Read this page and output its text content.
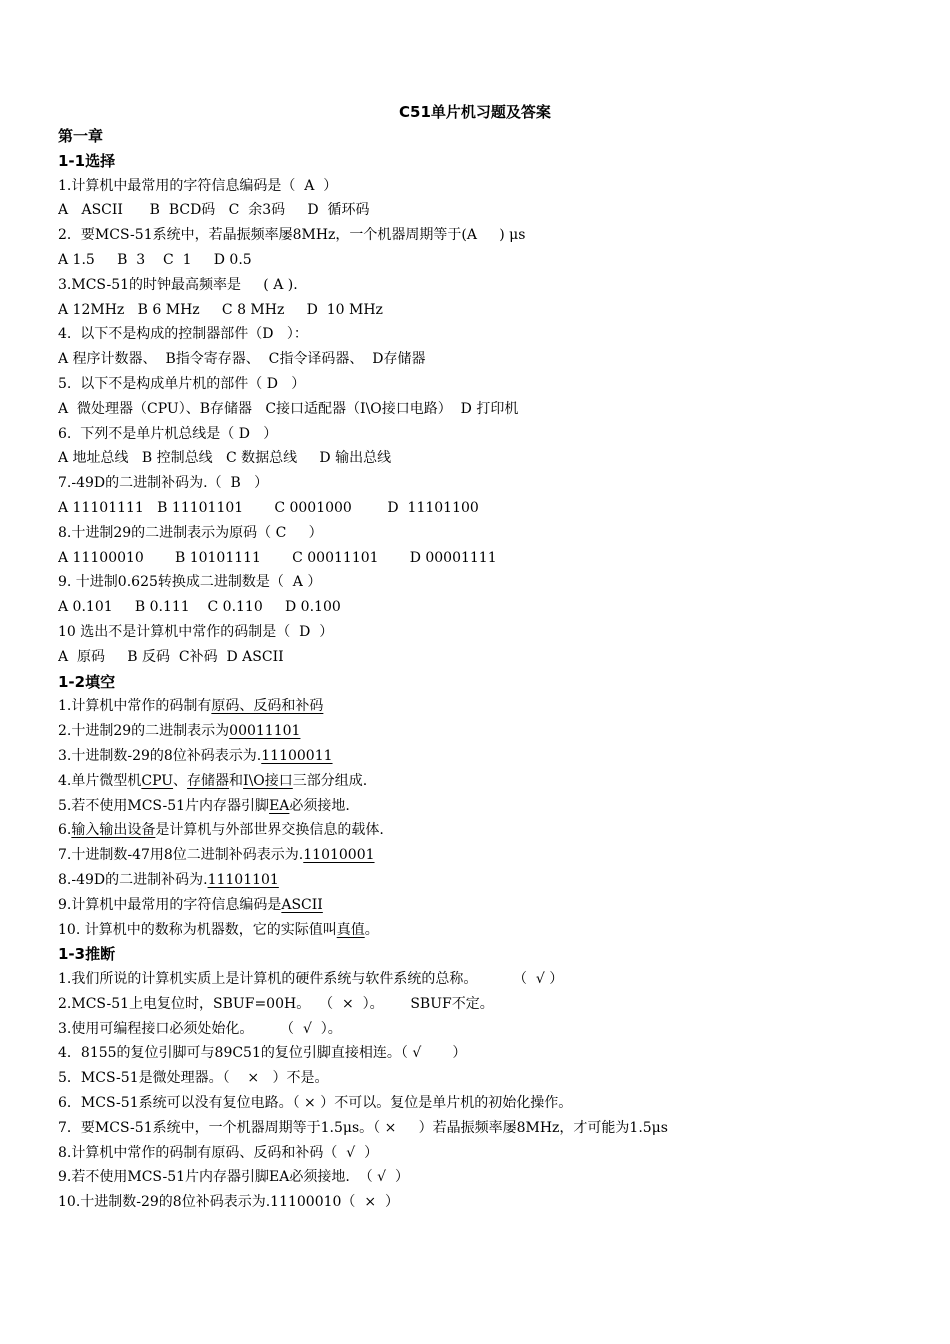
C51单片机习题及答案
第一章
1-1选择
1.计算机中最常用的字符信息编码是（  A  ）
A   ASCII      B  BCD码   C  余3码     D  循环码
2．要MCS-51系统中，若晶振频率屡8MHz，一个机器周期等于(A     ) μs
A 1.5     B  3    C  1     D 0.5
3.MCS-51的时钟最高频率是     ( A ).
A 12MHz   B 6 MHz     C 8 MHz     D  10 MHz
4.  以下不是构成的控制器部件（D   ）：
A 程序计数器、  B指令寄存器、  C指令译码器、  D存储器
5.  以下不是构成单片机的部件（ D   ）
A  微处理器（CPU）、B存储器   C接口适配器（I\O接口电路）  D 打印机
6.  下列不是单片机总线是（ D   ）
A 地址总线   B 控制总线   C 数据总线     D 输出总线
7.-49D的二进制补码为.（  B   ）
A 11101111   B 11101101       C 0001000        D  11101100
8.十进制29的二进制表示为原码（ C     ）
A 11100010       B 10101111       C 00011101       D 00001111
9. 十进制0.625转换成二进制数是（  A ）
A 0.101     B 0.111    C 0.110     D 0.100
10 选出不是计算机中常作的码制是（  D  ）
A  原码     B 反码  C补码  D ASCII
1-2填空
1.计算机中常作的码制有原码、反码和补码
2.十进制29的二进制表示为00011101
3.十进制数-29的8位补码表示为.11100011
4.单片微型机CPU、存储器和I\O接口三部分组成.
5.若不使用MCS-51片内存器引脚EA必须接地.
6.输入输出设备是计算机与外部世界交换信息的载体.
7.十进制数-47用8位二进制补码表示为.11010001
8.-49D的二进制补码为.11101101
9.计算机中最常用的字符信息编码是ASCII
10. 计算机中的数称为机器数，它的实际值叫真值。
1-3推断
1.我们所说的计算机实质上是计算机的硬件系统与软件系统的总称。        （  √ ）
2.MCS-51上电复位时，SBUF=00H。  （  ×  ）。      SBUF不定。
3.使用可编程接口必须处始化。      （  √  ）。
4．8155的复位引脚可与89C51的复位引脚直接相连。（ √       ）
5．MCS-51是微处理器。（    ×   ）不是。
6．MCS-51系统可以没有复位电路。（ × ）不可以。复位是单片机的初始化操作。
7．要MCS-51系统中，一个机器周期等于1.5μs。（ ×     ）若晶振频率屡8MHz，才可能为1.5μs
8.计算机中常作的码制有原码、反码和补码（  √  ）
9.若不使用MCS-51片内存器引脚EA必须接地.  （ √  ）
10.十进制数-29的8位补码表示为.11100010（  ×  ）
